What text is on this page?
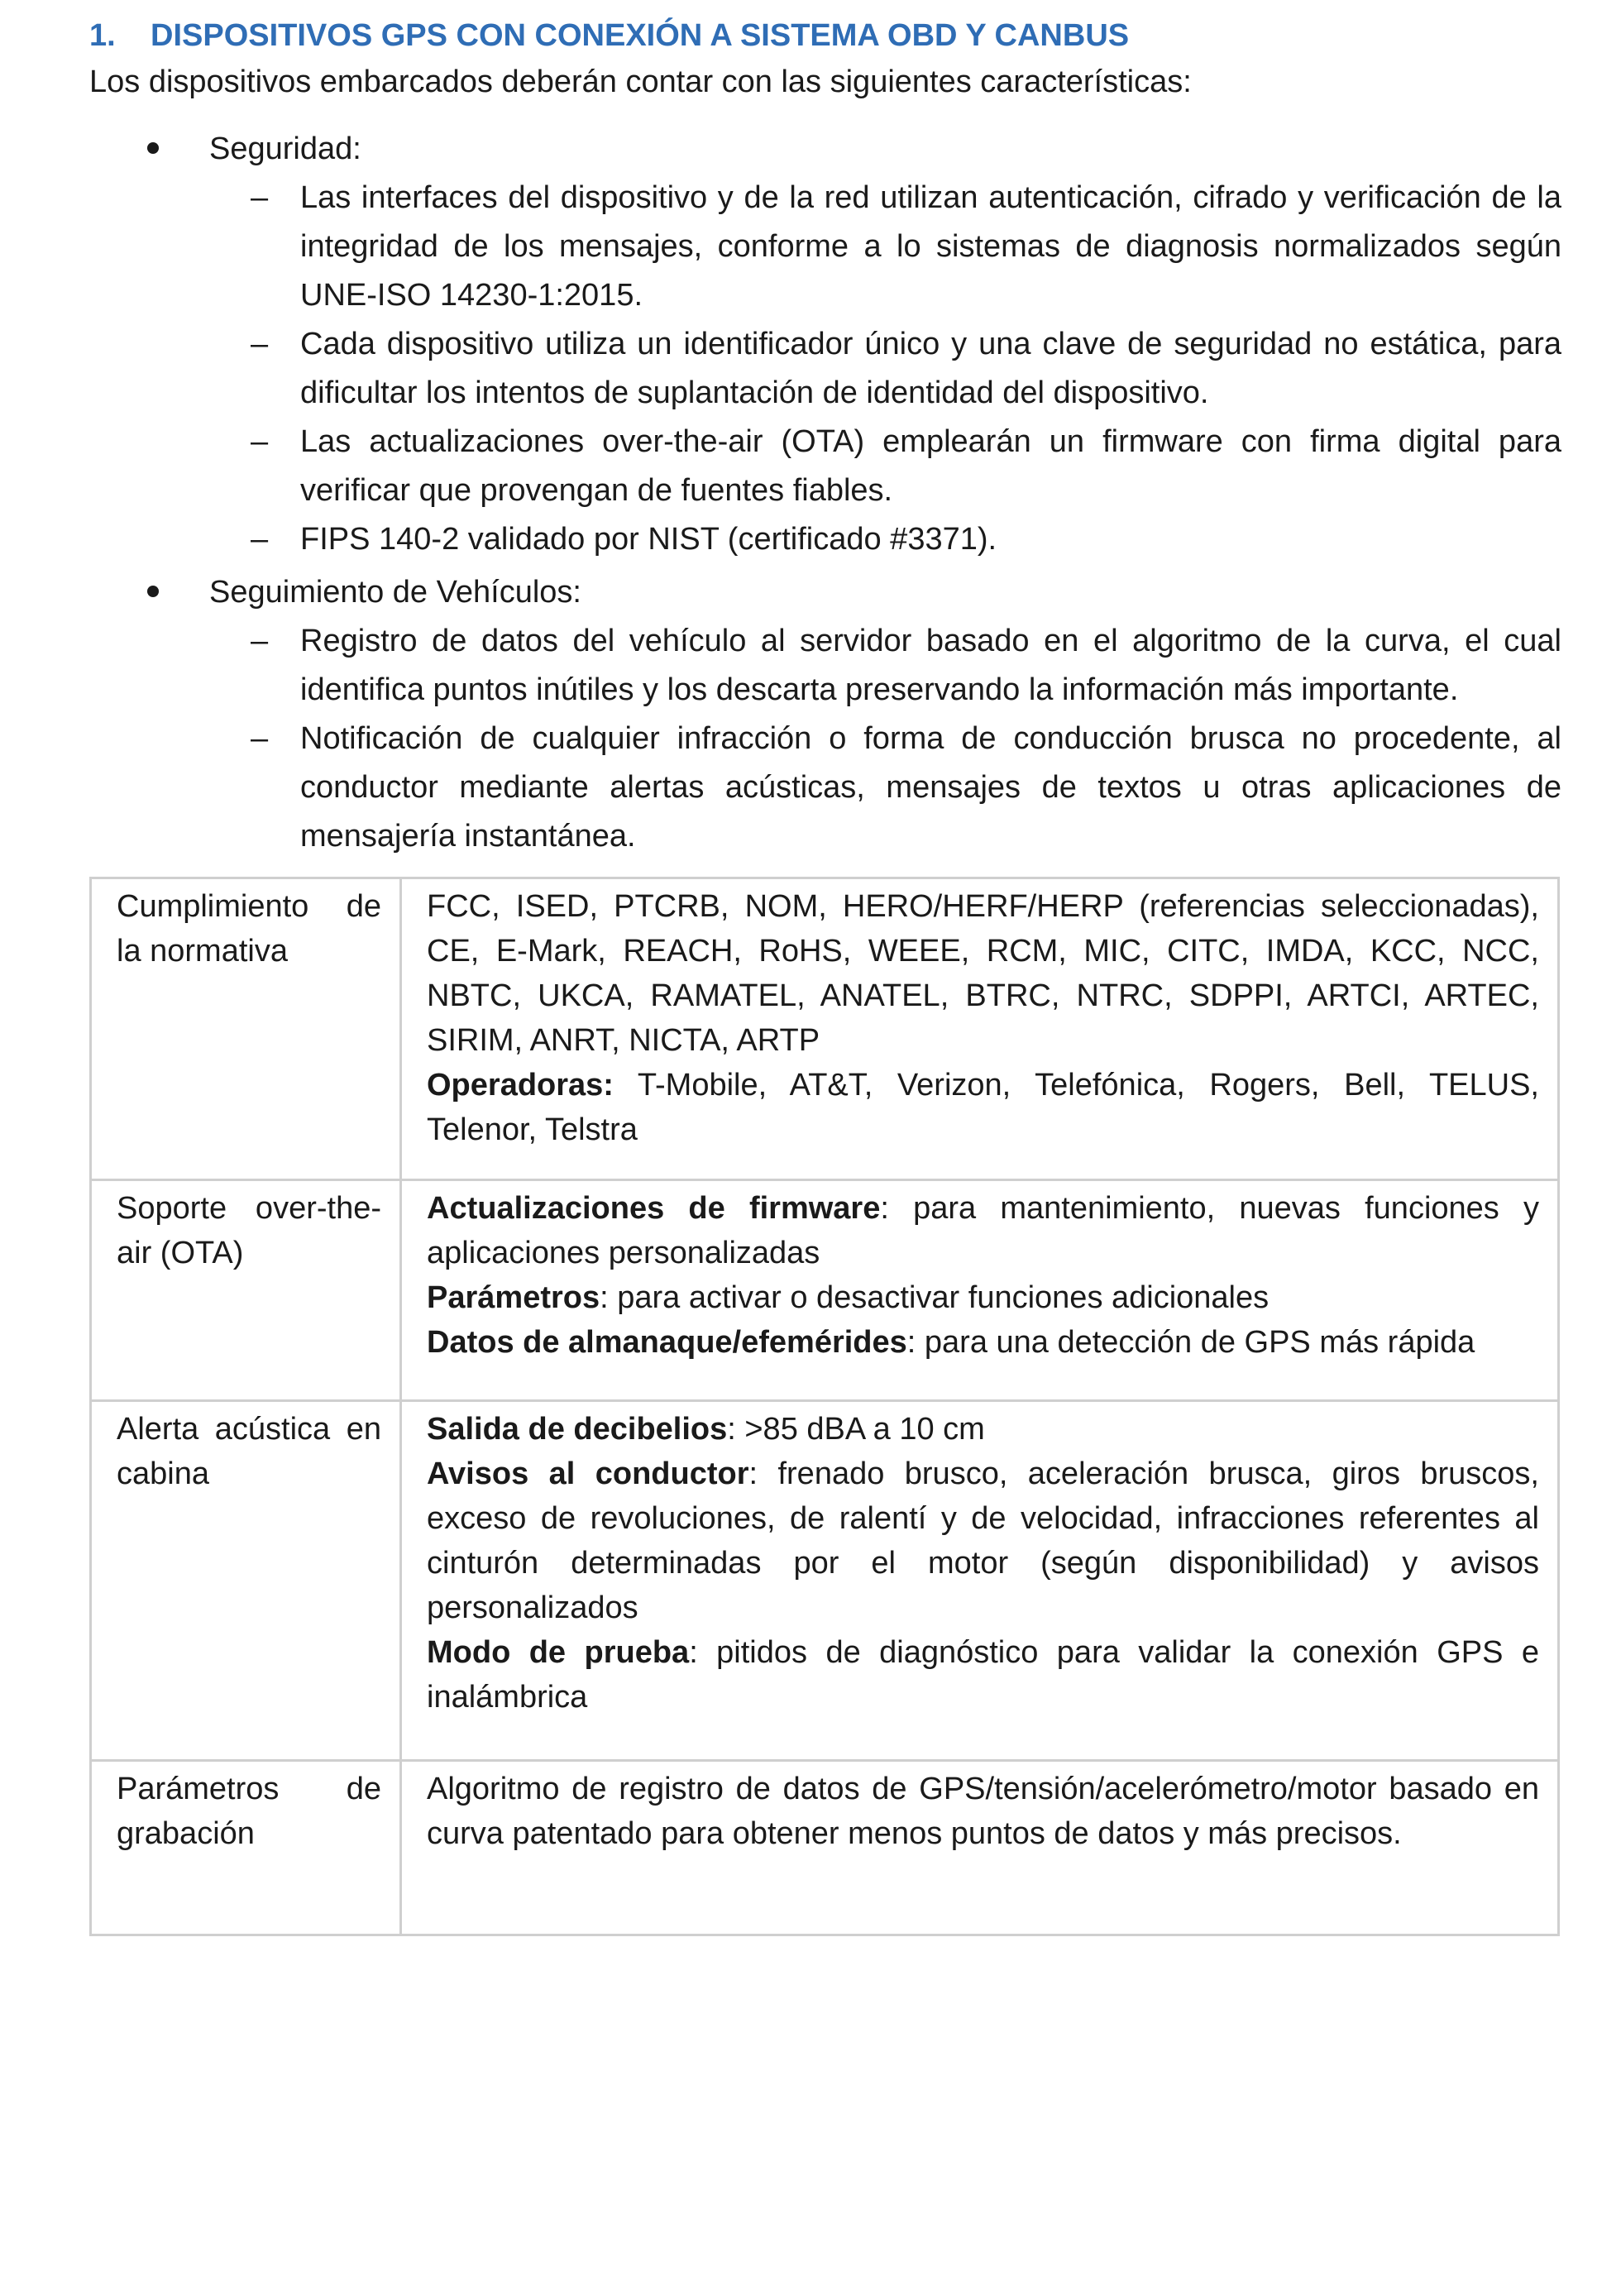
1. DISPOSITIVOS GPS CON CONEXIÓN A SISTEMA OBD Y CANBUS

Los dispositivos embarcados deberán contar con las siguientes características:

Seguridad:
–	Las interfaces del dispositivo y de la red utilizan autenticación, cifrado y verificación de la integridad de los mensajes, conforme a lo sistemas de diagnosis normalizados según UNE-ISO 14230-1:2015.
–	Cada dispositivo utiliza un identificador único y una clave de seguridad no estática, para dificultar los intentos de suplantación de identidad del dispositivo.
–	Las actualizaciones over-the-air (OTA) emplearán un firmware con firma digital para verificar que provengan de fuentes fiables.
–	FIPS 140-2 validado por NIST (certificado #3371).
Seguimiento de Vehículos:
–	Registro de datos del vehículo al servidor basado en el algoritmo de la curva, el cual identifica puntos inútiles y los descarta preservando la información más importante.
–	Notificación de cualquier infracción o forma de conducción brusca no procedente, al conductor mediante alertas acústicas, mensajes de textos u otras aplicaciones de mensajería instantánea.
Cumplimiento de la normativa	FCC, ISED, PTCRB, NOM, HERO/HERF/HERP (referencias seleccionadas), CE, E-Mark, REACH, RoHS, WEEE, RCM, MIC, CITC, IMDA, KCC, NCC, NBTC, UKCA, RAMATEL, ANATEL, BTRC, NTRC, SDPPI, ARTCI, ARTEC, SIRIM, ANRT, NICTA, ARTP
Operadoras: T-Mobile, AT&T, Verizon, Telefónica, Rogers, Bell, TELUS, Telenor, Telstra

Soporte over-the-air (OTA)	Actualizaciones de firmware: para mantenimiento, nuevas funciones y aplicaciones personalizadas
Parámetros: para activar o desactivar funciones adicionales
Datos de almanaque/efemérides: para una detección de GPS más rápida

Alerta acústica en cabina	Salida de decibelios: >85 dBA a 10 cm
Avisos al conductor: frenado brusco, aceleración brusca, giros bruscos, exceso de revoluciones, de ralentí y de velocidad, infracciones referentes al cinturón determinadas por el motor (según disponibilidad) y avisos personalizados
Modo de prueba: pitidos de diagnóstico para validar la conexión GPS e inalámbrica

Parámetros de grabación	Algoritmo de registro de datos de GPS/tensión/acelerómetro/motor basado en curva patentado para obtener menos puntos de datos y más precisos.
